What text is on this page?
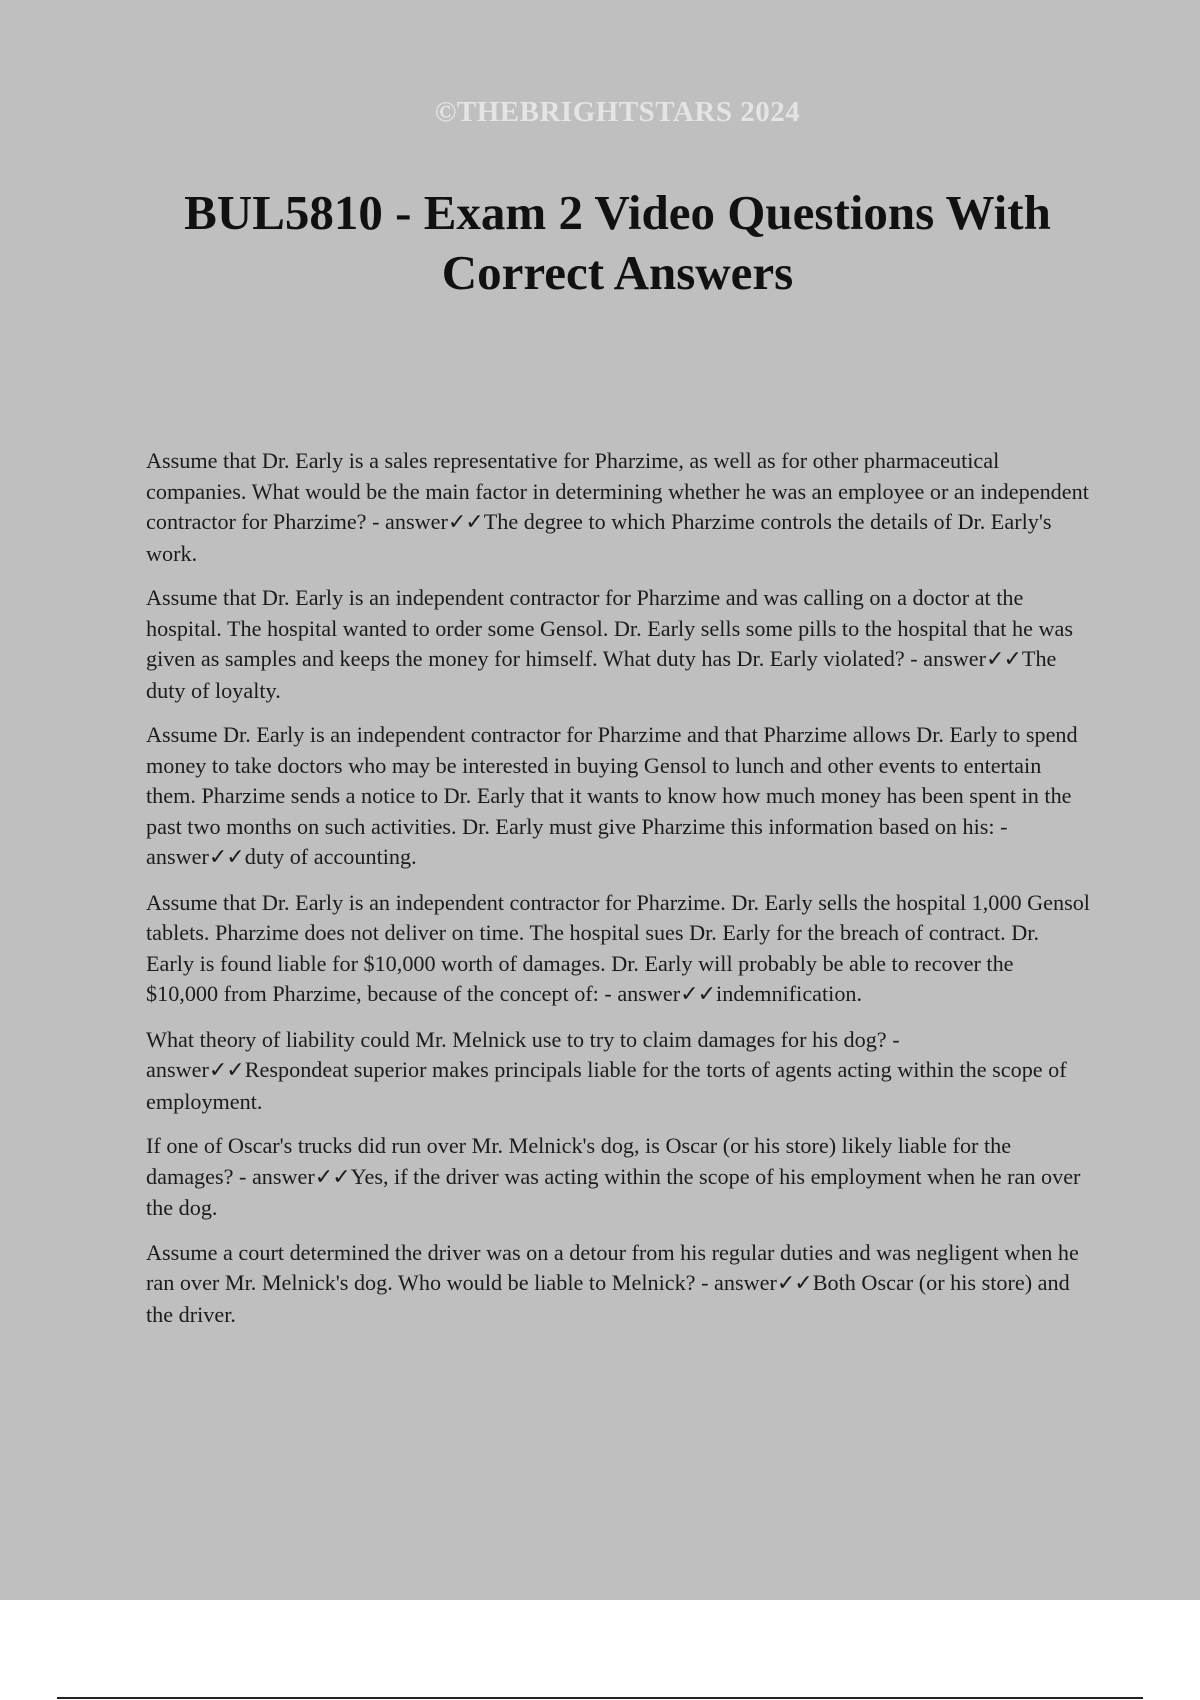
©THEBRIGHTSTARS 2024
BUL5810 - Exam 2 Video Questions With Correct Answers

Assume that Dr. Early is a sales representative for Pharzime, as well as for other pharmaceutical companies. What would be the main factor in determining whether he was an employee or an independent contractor for Pharzime? - answer✓✓The degree to which Pharzime controls the details of Dr. Early's work.

Assume that Dr. Early is an independent contractor for Pharzime and was calling on a doctor at the hospital. The hospital wanted to order some Gensol. Dr. Early sells some pills to the hospital that he was given as samples and keeps the money for himself. What duty has Dr. Early violated? - answer✓✓The duty of loyalty.

Assume Dr. Early is an independent contractor for Pharzime and that Pharzime allows Dr. Early to spend money to take doctors who may be interested in buying Gensol to lunch and other events to entertain them. Pharzime sends a notice to Dr. Early that it wants to know how much money has been spent in the past two months on such activities. Dr. Early must give Pharzime this information based on his: - answer✓✓duty of accounting.

Assume that Dr. Early is an independent contractor for Pharzime. Dr. Early sells the hospital 1,000 Gensol tablets. Pharzime does not deliver on time. The hospital sues Dr. Early for the breach of contract. Dr. Early is found liable for $10,000 worth of damages. Dr. Early will probably be able to recover the $10,000 from Pharzime, because of the concept of: - answer✓✓indemnification.

What theory of liability could Mr. Melnick use to try to claim damages for his dog? - answer✓✓Respondeat superior makes principals liable for the torts of agents acting within the scope of employment.

If one of Oscar's trucks did run over Mr. Melnick's dog, is Oscar (or his store) likely liable for the damages? - answer✓✓Yes, if the driver was acting within the scope of his employment when he ran over the dog.

Assume a court determined the driver was on a detour from his regular duties and was negligent when he ran over Mr. Melnick's dog. Who would be liable to Melnick? - answer✓✓Both Oscar (or his store) and the driver.
